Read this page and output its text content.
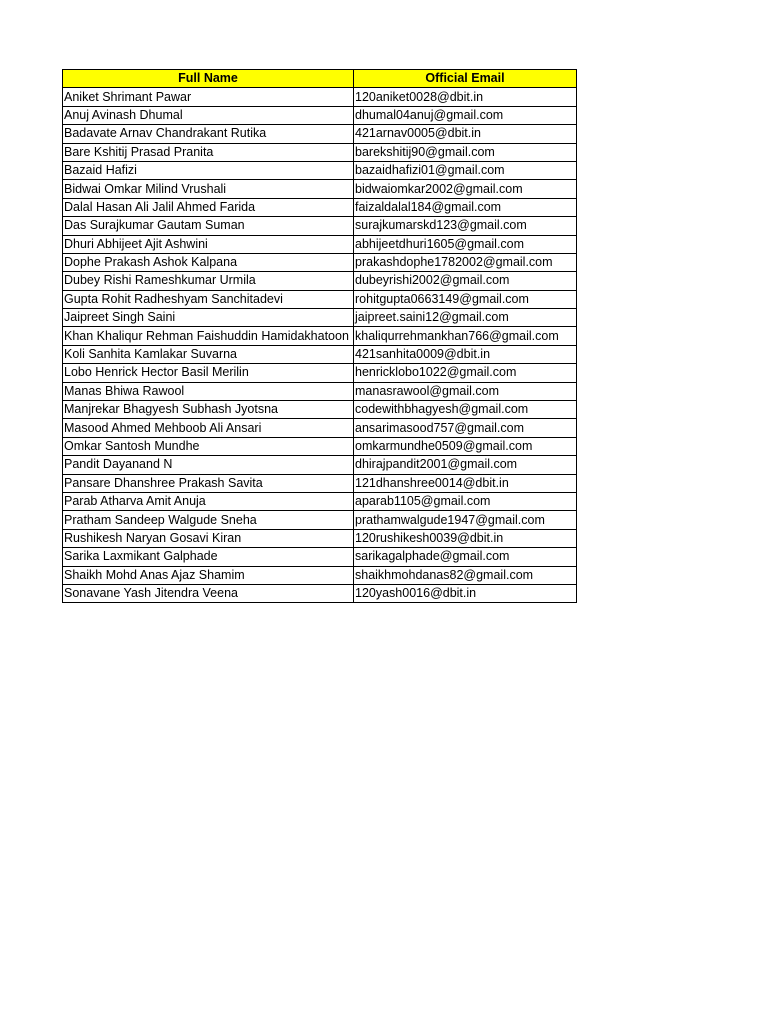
Full Name	Official Email
Aniket Shrimant Pawar	120aniket0028@dbit.in
Anuj Avinash Dhumal	dhumal04anuj@gmail.com
Badavate Arnav Chandrakant Rutika	421arnav0005@dbit.in
Bare Kshitij Prasad Pranita	barekshitij90@gmail.com
Bazaid Hafizi	bazaidhafizi01@gmail.com
Bidwai Omkar Milind Vrushali	bidwaiomkar2002@gmail.com
Dalal Hasan Ali Jalil Ahmed Farida	faizaldalal184@gmail.com
Das Surajkumar Gautam Suman	surajkumarskd123@gmail.com
Dhuri Abhijeet Ajit Ashwini	abhijeetdhuri1605@gmail.com
Dophe Prakash Ashok Kalpana	prakashdophe1782002@gmail.com
Dubey Rishi Rameshkumar Urmila	dubeyrishi2002@gmail.com
Gupta Rohit Radheshyam Sanchitadevi	rohitgupta0663149@gmail.com
Jaipreet Singh Saini	jaipreet.saini12@gmail.com
Khan Khaliqur Rehman Faishuddin Hamidakhatoon	khaliqurrehmankhan766@gmail.com
Koli Sanhita Kamlakar Suvarna	421sanhita0009@dbit.in
Lobo Henrick Hector Basil Merilin	henricklobo1022@gmail.com
Manas Bhiwa Rawool	manasrawool@gmail.com
Manjrekar Bhagyesh Subhash Jyotsna	codewithbhagyesh@gmail.com
Masood Ahmed Mehboob Ali Ansari	ansarimasood757@gmail.com
Omkar Santosh Mundhe	omkarmundhe0509@gmail.com
Pandit Dayanand N	dhirajpandit2001@gmail.com
Pansare Dhanshree Prakash Savita	121dhanshree0014@dbit.in
Parab Atharva Amit Anuja	aparab1105@gmail.com
Pratham Sandeep Walgude Sneha	prathamwalgude1947@gmail.com
Rushikesh Naryan Gosavi Kiran	120rushikesh0039@dbit.in
Sarika Laxmikant Galphade	sarikagalphade@gmail.com
Shaikh Mohd Anas Ajaz Shamim	shaikhmohdanas82@gmail.com
Sonavane Yash Jitendra Veena	120yash0016@dbit.in
